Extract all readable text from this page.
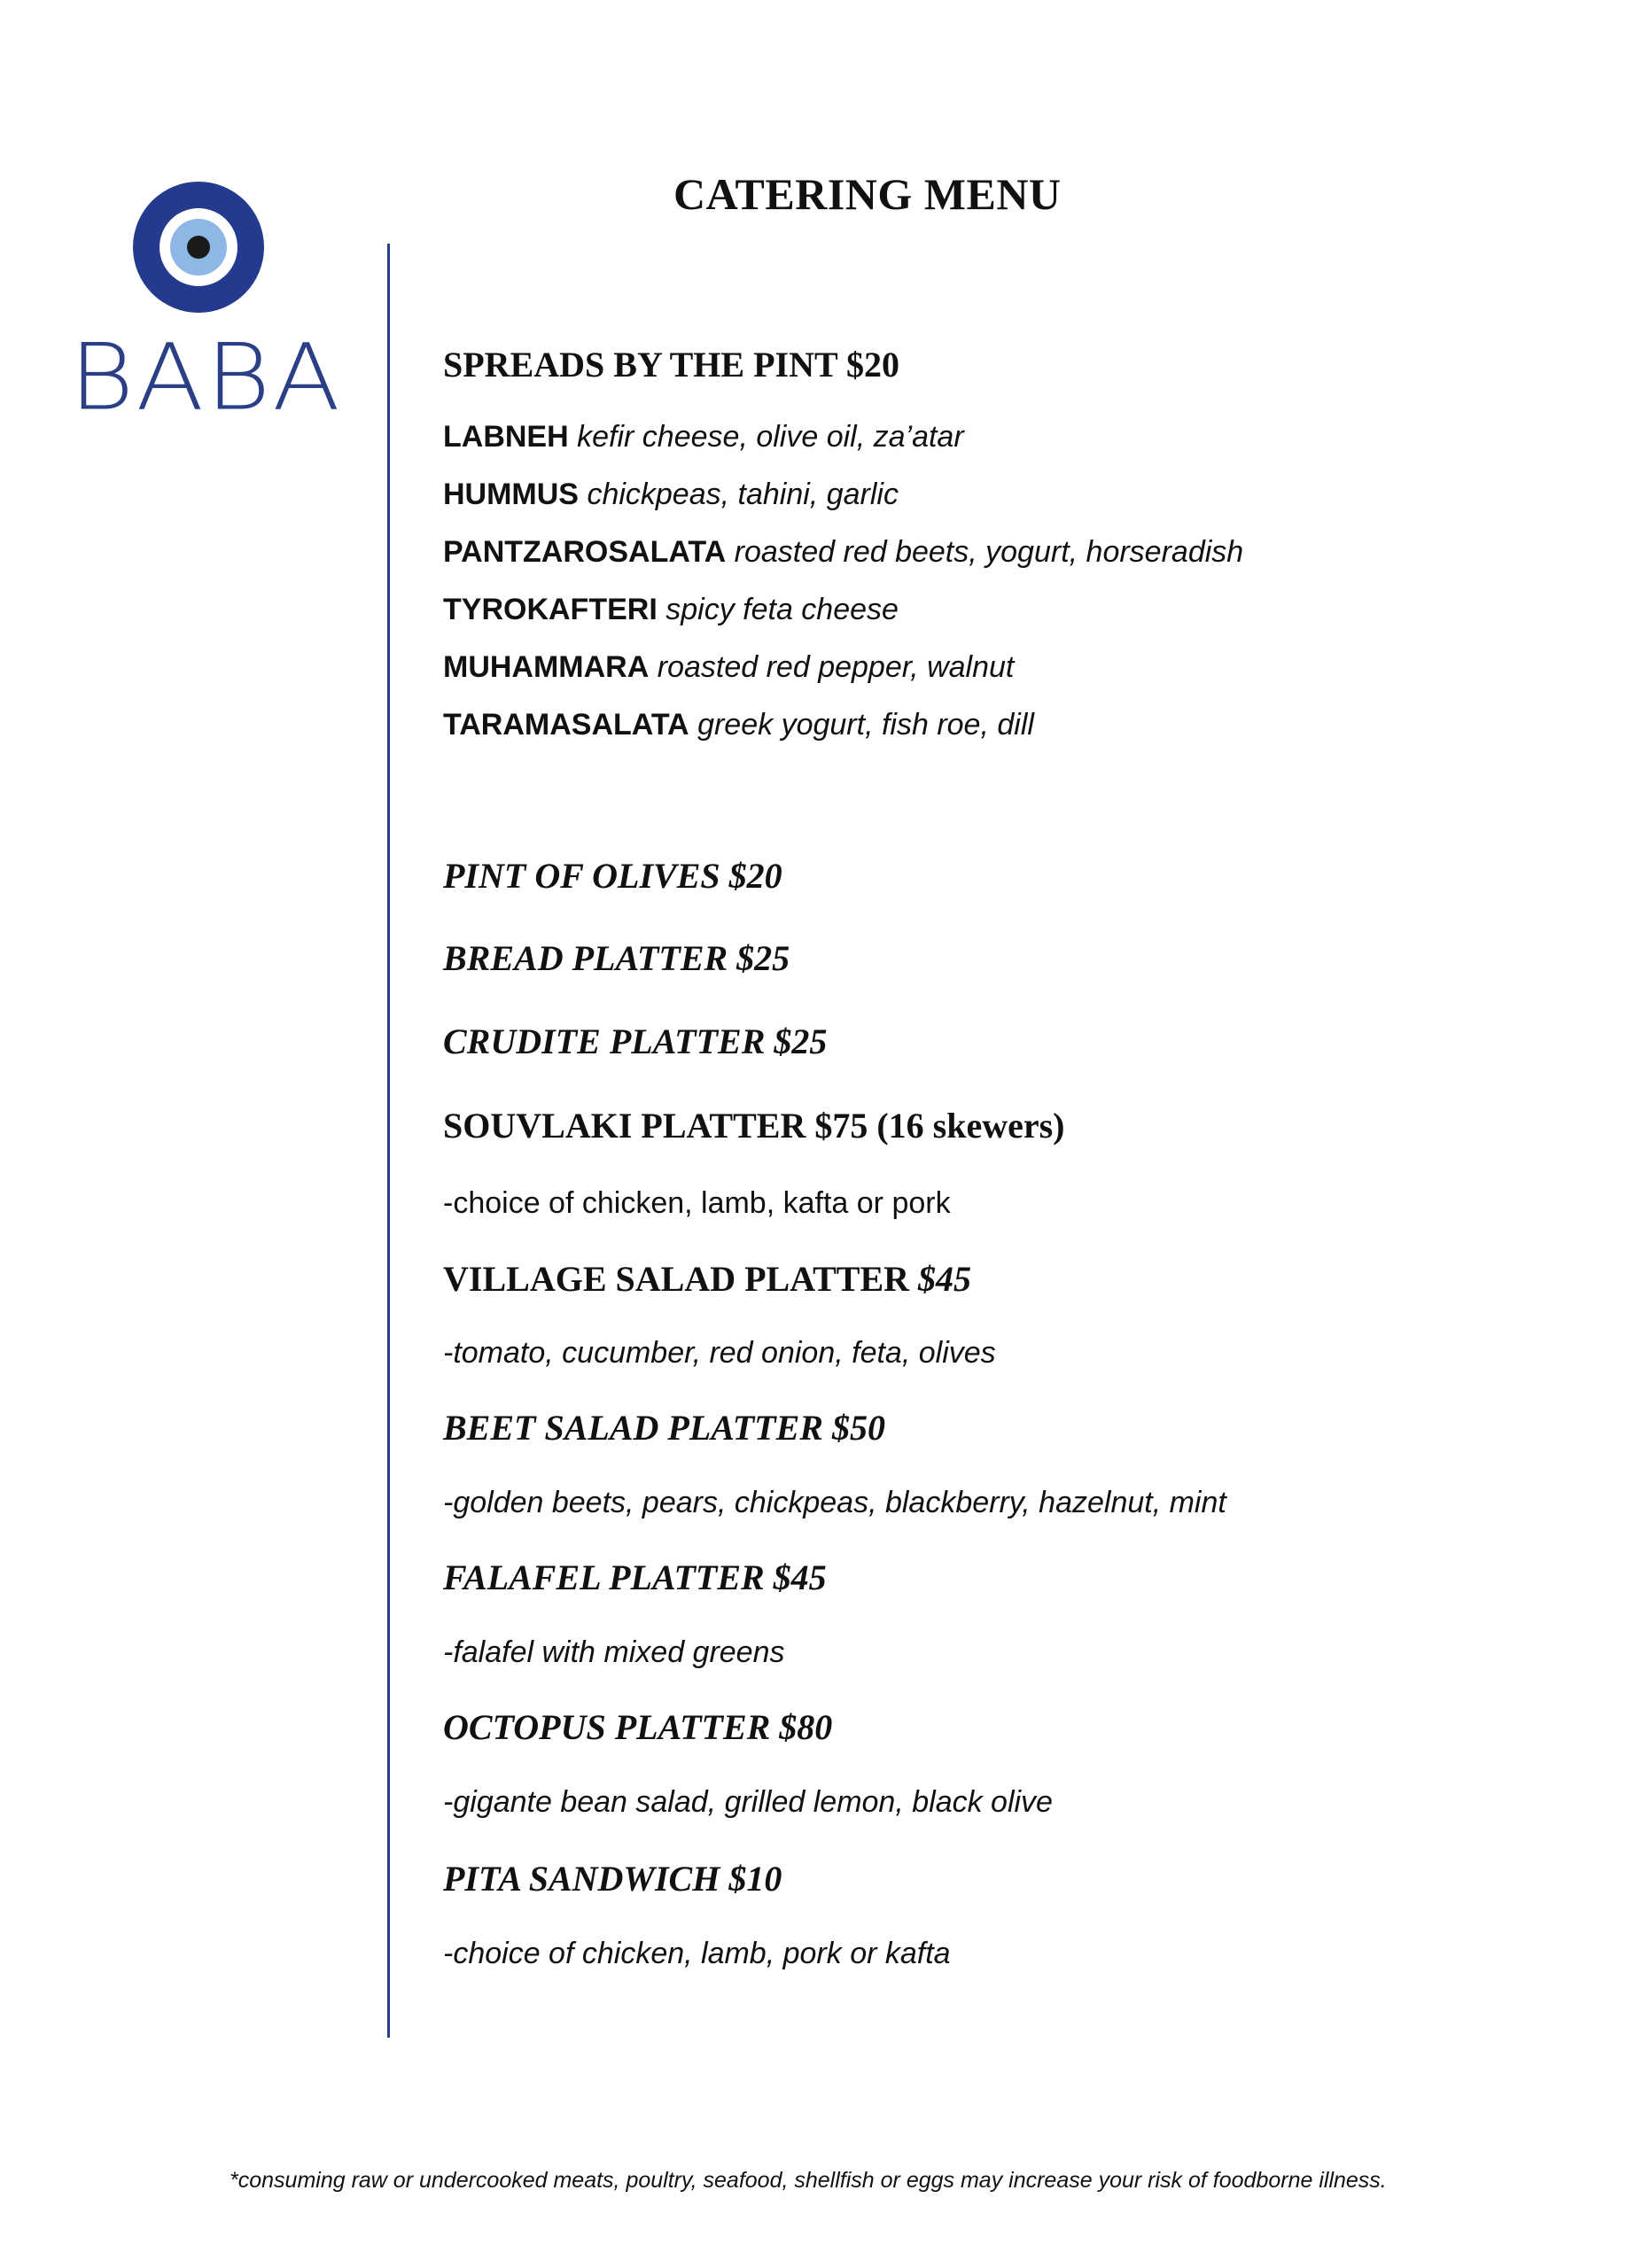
BABA
CATERING MENU
SPREADS BY THE PINT $20
LABNEH kefir cheese, olive oil, za’atar
HUMMUS chickpeas, tahini, garlic
PANTZAROSALATA roasted red beets, yogurt, horseradish
TYROKAFTERI spicy feta cheese
MUHAMMARA roasted red pepper, walnut
TARAMASALATA greek yogurt, fish roe, dill
PINT OF OLIVES $20
BREAD PLATTER $25
CRUDITE PLATTER $25
SOUVLAKI PLATTER $75 (16 skewers)
-choice of chicken, lamb, kafta or pork
VILLAGE SALAD PLATTER $45
-tomato, cucumber, red onion, feta, olives
BEET SALAD PLATTER $50
-golden beets, pears, chickpeas, blackberry, hazelnut, mint
FALAFEL PLATTER $45
-falafel with mixed greens
OCTOPUS PLATTER $80
-gigante bean salad, grilled lemon, black olive
PITA SANDWICH $10
-choice of chicken, lamb, pork or kafta
*consuming raw or undercooked meats, poultry, seafood, shellfish or eggs may increase your risk of foodborne illness.
